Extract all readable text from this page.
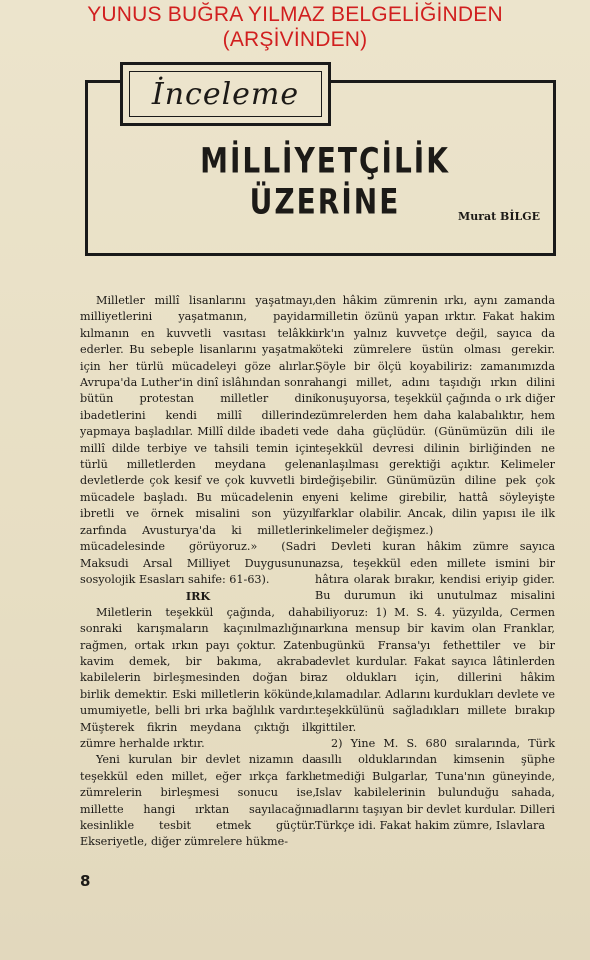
YUNUS BUĞRA YILMAZ BELGELİĞİNDEN
(ARŞİVİNDEN)
İnceleme
MİLLİYETÇİLİK ÜZERİNE	Murat BİLGE

Milletler millî lisanlarını yaşatmayı, milliyetlerini yaşatmanın, payidar kılmanın en kuvvetli vasıtası telâkki ederler. Bu sebeple lisanlarını yaşatmak için her türlü mücadeleyi göze alırlar. Avrupa'da Luther'in dinî islâhından sonra bütün protestan milletler dini ibadetlerini kendi millî dillerinde yapmaya başladılar. Millî dilde ibadeti ve millî dilde terbiye ve tahsili temin için türlü milletlerden meydana gelen devletlerde çok kesif ve çok kuvvetli bir mücadele başladı. Bu mücadelenin en ibretli ve örnek misalini son yüzyıl zarfında Avusturya'da ki milletlerin mücadelesinde görüyoruz.» (Sadri Maksudi Arsal Milliyet Duygusunun sosyolojik Esasları sahife: 61-63).

IRK

Miletlerin teşekkül çağında, daha sonraki karışmaların kaçınılmazlığına rağmen, ortak ırkın payı çoktur. Zaten kavim demek, bir bakıma, akraba kabilelerin birleşmesinden doğan bir birlik demektir. Eski milletlerin kökünde, umumiyetle, belli bri ırka bağlılık vardır. Müşterek fikrin meydana çıktığı ilk zümre herhalde ırktır.

Yeni kurulan bir devlet nizamın da teşekkül eden millet, eğer ırkça farklı zümrelerin birleşmesi sonucu ise, millette hangi ırktan sayılacağını kesinlikle tesbit etmek güçtür. Ekseriyetle, diğer zümrelere hükme-

den hâkim zümrenin ırkı, aynı zamanda milletin özünü yapan ırktır. Fakat hakim ırk'ın yalnız kuvvetçe değil, sayıca da öteki zümrelere üstün olması gerekir. Şöyle bir ölçü koyabiliriz: zamanımızda hangi millet, adını taşıdığı ırkın dilini konuşuyorsa, teşekkül çağında o ırk diğer zümrelerden hem daha kalabalıktır, hem de daha güçlüdür. (Günümüzün dili ile teşekkül devresi dilinin birliğinden ne anlaşılması gerektiği açıktır. Kelimeler değişebilir. Günümüzün diline pek çok yeni kelime girebilir, hattâ söyleyişte farklar olabilir. Ancak, dilin yapısı ile ilk kelimeler değişmez.)

Devleti kuran hâkim zümre sayıca azsa, teşekkül eden millete ismini bir hâtıra olarak bırakır, kendisi eriyip gider. Bu durumun iki unutulmaz misalini biliyoruz: 1) M. S. 4. yüzyılda, Cermen ırkına mensup bir kavim olan Franklar, bugünkü Fransa'yı fethettiler ve bir devlet kurdular. Fakat sayıca lâtinlerden az oldukları için, dillerini hâkim kılamadılar. Adlarını kurdukları devlete ve teşekkülünü sağladıkları millete bırakıp gittiler.

2) Yine M. S. 680 sıralarında, Türk asıllı olduklarından kimsenin şüphe etmediği Bulgarlar, Tuna'nın güneyinde, Islav kabilelerinin bulunduğu sahada, adlarını taşıyan bir devlet kurdular. Dilleri Türkçe idi. Fakat hakim zümre, Islavlara

8
